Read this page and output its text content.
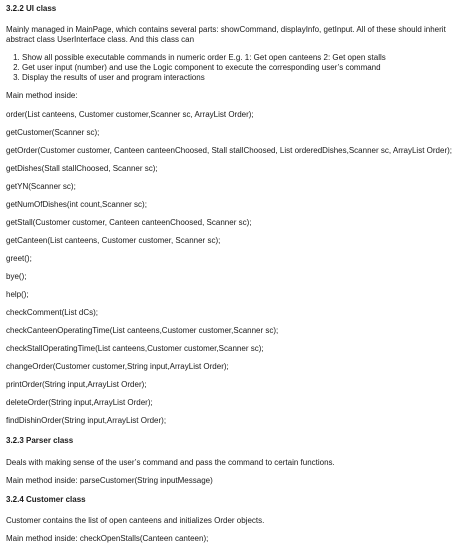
3.2.2 UI class
Mainly managed in MainPage, which contains several parts: showCommand, displayInfo, getInput. All of these should inherit
abstract class UserInterface class. And this class can
1. Show all possible executable commands in numeric order E.g. 1: Get open canteens 2: Get open stalls
2. Get user input (number) and use the Logic component to execute the corresponding user’s command
3. Display the results of user and program interactions
Main method inside:
order(List canteens, Customer customer,Scanner sc, ArrayList Order);
getCustomer(Scanner sc);
getOrder(Customer customer, Canteen canteenChoosed, Stall stallChoosed, List orderedDishes,Scanner sc, ArrayList Order);
getDishes(Stall stallChoosed, Scanner sc);
getYN(Scanner sc);
getNumOfDishes(int count,Scanner sc);
getStall(Customer customer, Canteen canteenChoosed, Scanner sc);
getCanteen(List canteens, Customer customer, Scanner sc);
greet();
bye();
help();
checkComment(List dCs);
checkCanteenOperatingTime(List canteens,Customer customer,Scanner sc);
checkStallOperatingTime(List canteens,Customer customer,Scanner sc);
changeOrder(Customer customer,String input,ArrayList Order);
printOrder(String input,ArrayList Order);
deleteOrder(String input,ArrayList Order);
findDishinOrder(String input,ArrayList Order);
3.2.3 Parser class
Deals with making sense of the user’s command and pass the command to certain functions.
Main method inside: parseCustomer(String inputMessage)
3.2.4 Customer class
Customer contains the list of open canteens and initializes Order objects.
Main method inside: checkOpenStalls(Canteen canteen);
